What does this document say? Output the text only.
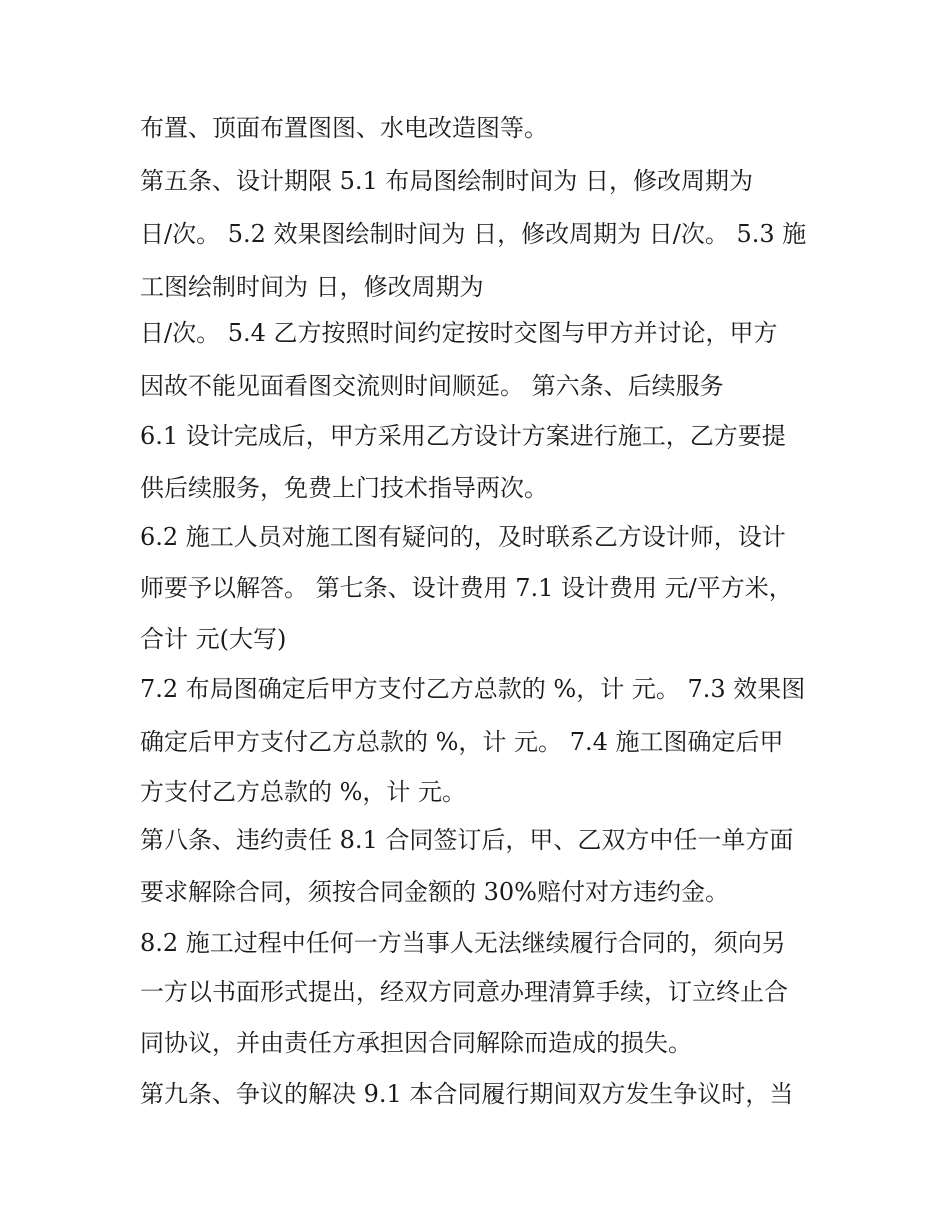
布置、顶面布置图图、水电改造图等。
第五条、设计期限 5.1 布局图绘制时间为 日，修改周期为
日/次。 5.2 效果图绘制时间为 日，修改周期为 日/次。 5.3 施
工图绘制时间为 日，修改周期为
日/次。 5.4 乙方按照时间约定按时交图与甲方并讨论，甲方
因故不能见面看图交流则时间顺延。 第六条、后续服务
6.1 设计完成后，甲方采用乙方设计方案进行施工，乙方要提
供后续服务，免费上门技术指导两次。
6.2 施工人员对施工图有疑问的，及时联系乙方设计师，设计
师要予以解答。 第七条、设计费用 7.1 设计费用 元/平方米，
合计 元(大写)
7.2 布局图确定后甲方支付乙方总款的 %，计 元。 7.3 效果图
确定后甲方支付乙方总款的 %，计 元。 7.4 施工图确定后甲
方支付乙方总款的 %，计 元。
第八条、违约责任 8.1 合同签订后，甲、乙双方中任一单方面
要求解除合同，须按合同金额的 30%赔付对方违约金。
8.2 施工过程中任何一方当事人无法继续履行合同的，须向另
一方以书面形式提出，经双方同意办理清算手续，订立终止合
同协议，并由责任方承担因合同解除而造成的损失。
第九条、争议的解决 9.1 本合同履行期间双方发生争议时，当
